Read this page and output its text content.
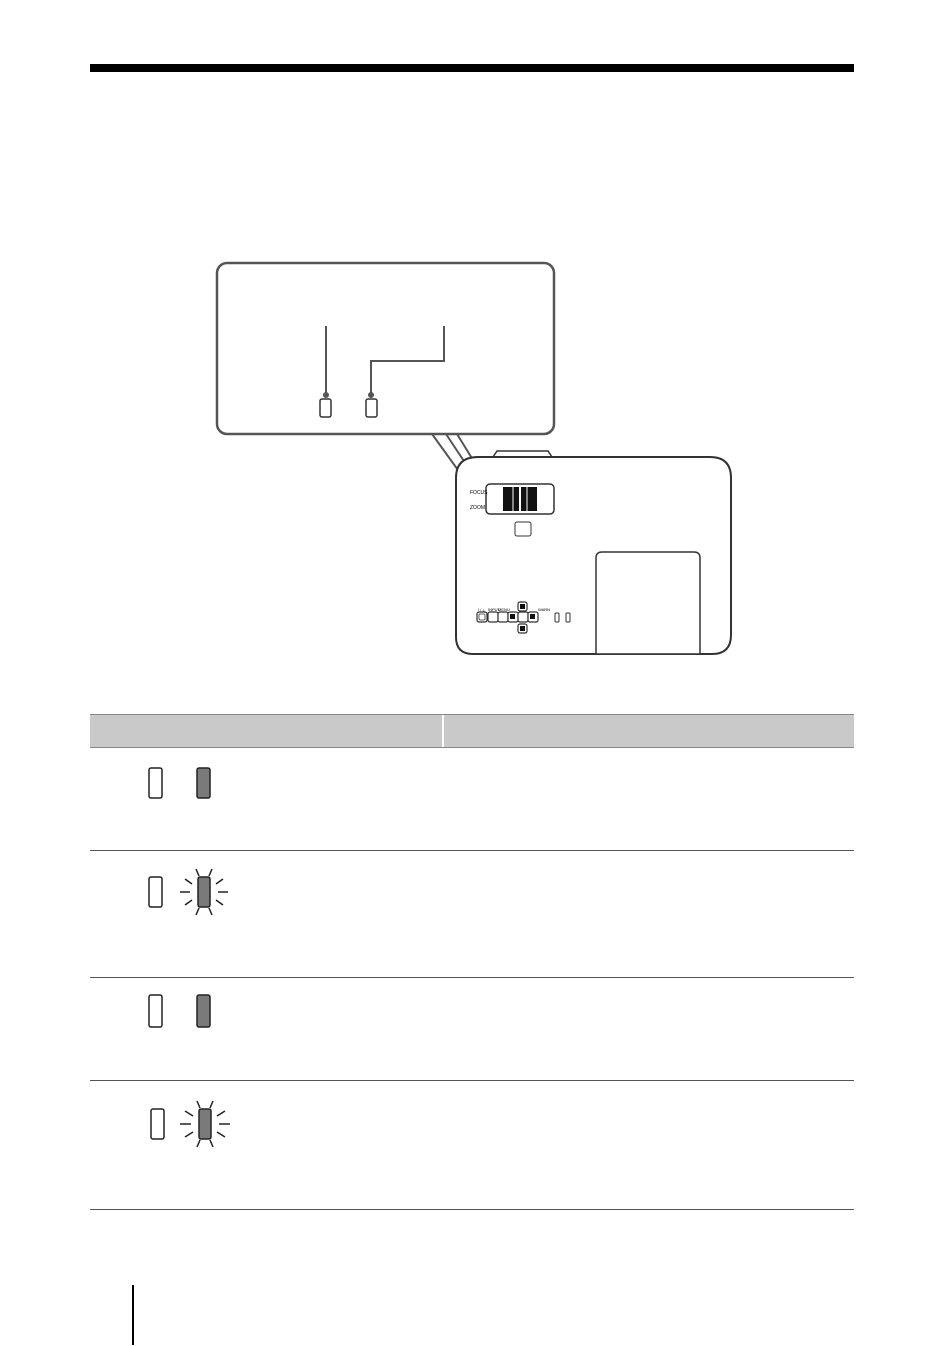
FOCUS
ZOOM
I / ¿ INPUT
MENU	WARN
